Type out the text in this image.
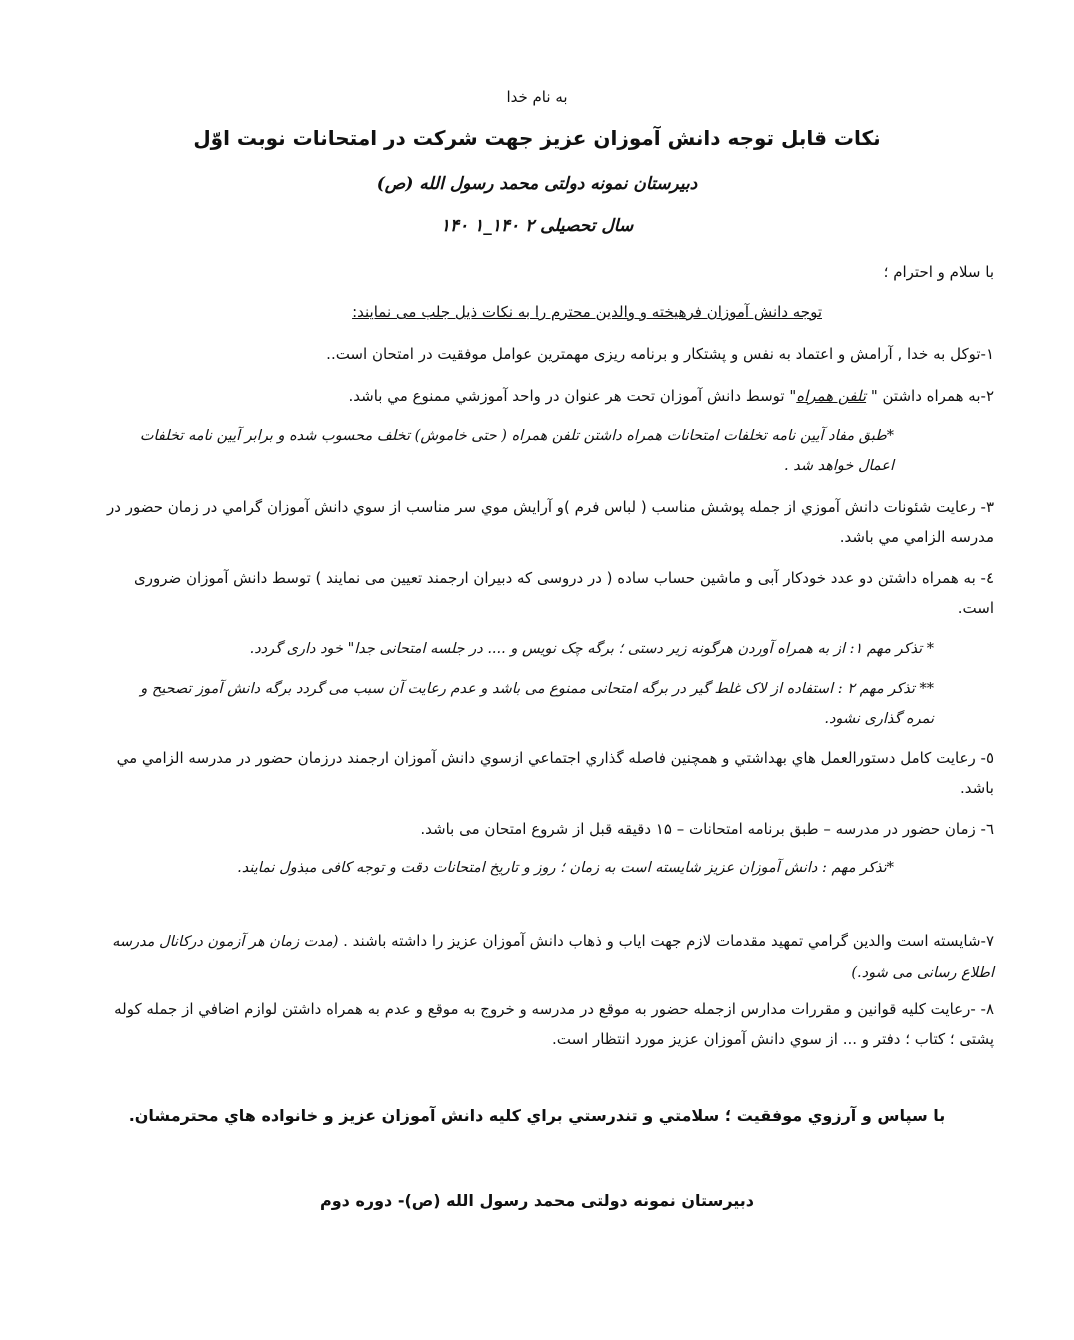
به نام خدا
نکات قابل توجه دانش آموزان عزیز جهت شرکت در امتحانات نوبت اوّل
دبیرستان نمونه دولتی محمد رسول الله (ص)
سال تحصیلی ۲ ۱۴۰_۱ ۱۴۰
با سلام و احترام ؛
توجه دانش آموزان فرهیخته و والدین محترم را به نکات ذیل جلب می نمایند:
۱-توکل به خدا , آرامش و اعتماد به نفس و پشتکار و برنامه ریزی مهمترین عوامل موفقیت در امتحان است..
۲-به همراه داشتن " تلفن همراه" توسط دانش آموزان تحت هر عنوان در واحد آموزشي ممنوع مي باشد.
*طبق مفاد آیین نامه تخلفات امتحانات همراه داشتن تلفن همراه ( حتی خاموش) تخلف محسوب شده و برابر آیین نامه تخلفات اعمال خواهد شد .
۳- رعايت شئونات دانش آموزي از جمله پوشش مناسب ( لباس فرم )و آرایش موي سر مناسب از سوي دانش آموزان گرامي در زمان حضور در مدرسه الزامي مي باشد.
٤- به همراه داشتن دو عدد خودکار آبی و ماشین حساب ساده ( در دروسی که دبیران ارجمند تعیین می نمایند ) توسط دانش آموزان ضروری است.
* تذکر مهم ۱: از به همراه آوردن هرگونه زیر دستی ؛ برگه چک نویس و .... در جلسه امتحانی جدا" خود داری گردد.
** تذکر مهم ۲ : استفاده از لاک غلط گیر در برگه امتحانی ممنوع می باشد و عدم رعایت آن سبب می گردد برگه دانش آموز تصحیح و نمره گذاری نشود.
٥- رعايت کامل دستورالعمل هاي بهداشتي و همچنين فاصله گذاري اجتماعي ازسوي دانش آموزان ارجمند درزمان حضور در مدرسه الزامي مي باشد.
٦- زمان حضور در مدرسه – طبق برنامه امتحانات – ۱۵ دقیقه قبل از شروع امتحان می باشد.
*تذکر مهم : دانش آموزان عزیز شایسته است به زمان ؛ روز و تاریخ امتحانات دقت و توجه کافی مبذول نمایند.
۷-شایسته است والدین گرامي تمهید مقدمات لازم جهت اياب و ذهاب دانش آموزان عزيز را داشته باشند . (مدت زمان هر آزمون درکانال مدرسه اطلاع رسانی می شود.)
۸- -رعايت کليه قوانين و مقررات مدارس ازجمله حضور به موقع در مدرسه و خروج به موقع و عدم به همراه داشتن لوازم اضافي از جمله کوله پشتی ؛ کتاب ؛ دفتر و ... از سوي دانش آموزان عزيز مورد انتظار است.
با سپاس و آرزوي موفقيت ؛ سلامتي و تندرستي براي کليه دانش آموزان عزيز و خانواده هاي محترمشان.
دبیرستان نمونه دولتی محمد رسول الله (ص)- دوره دوم
